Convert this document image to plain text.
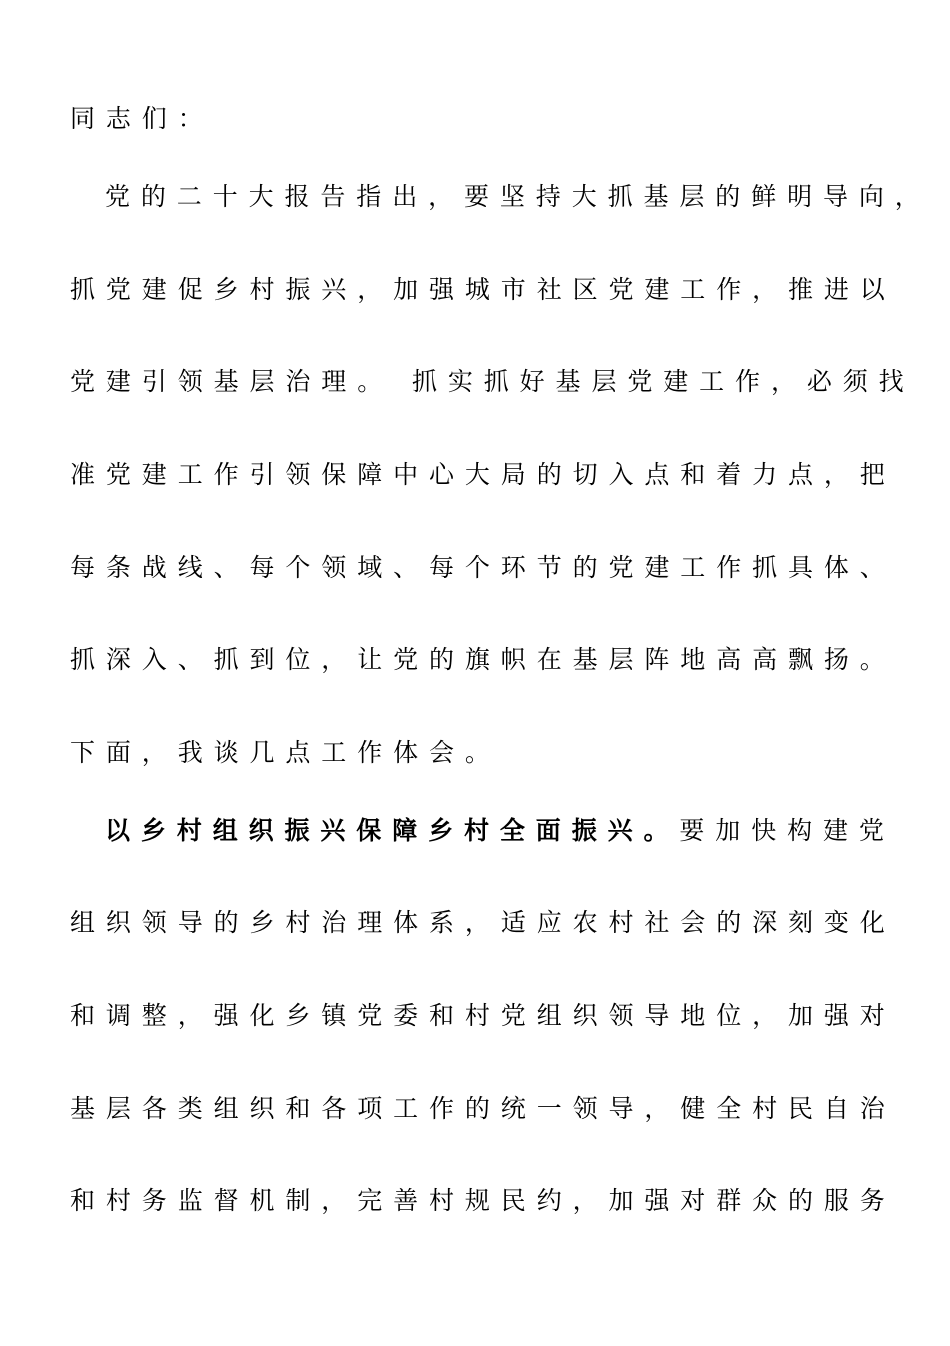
同志们：
党的二十大报告指出，要坚持大抓基层的鲜明导向，
抓党建促乡村振兴，加强城市社区党建工作，推进以
党建引领基层治理。 抓实抓好基层党建工作，必须找
准党建工作引领保障中心大局的切入点和着力点，把
每条战线、每个领域、每个环节的党建工作抓具体、
抓深入、抓到位，让党的旗帜在基层阵地高高飘扬。
下面，我谈几点工作体会。
以乡村组织振兴保障乡村全面振兴。要加快构建党
组织领导的乡村治理体系，适应农村社会的深刻变化
和调整，强化乡镇党委和村党组织领导地位，加强对
基层各类组织和各项工作的统一领导，健全村民自治
和村务监督机制，完善村规民约，加强对群众的服务
